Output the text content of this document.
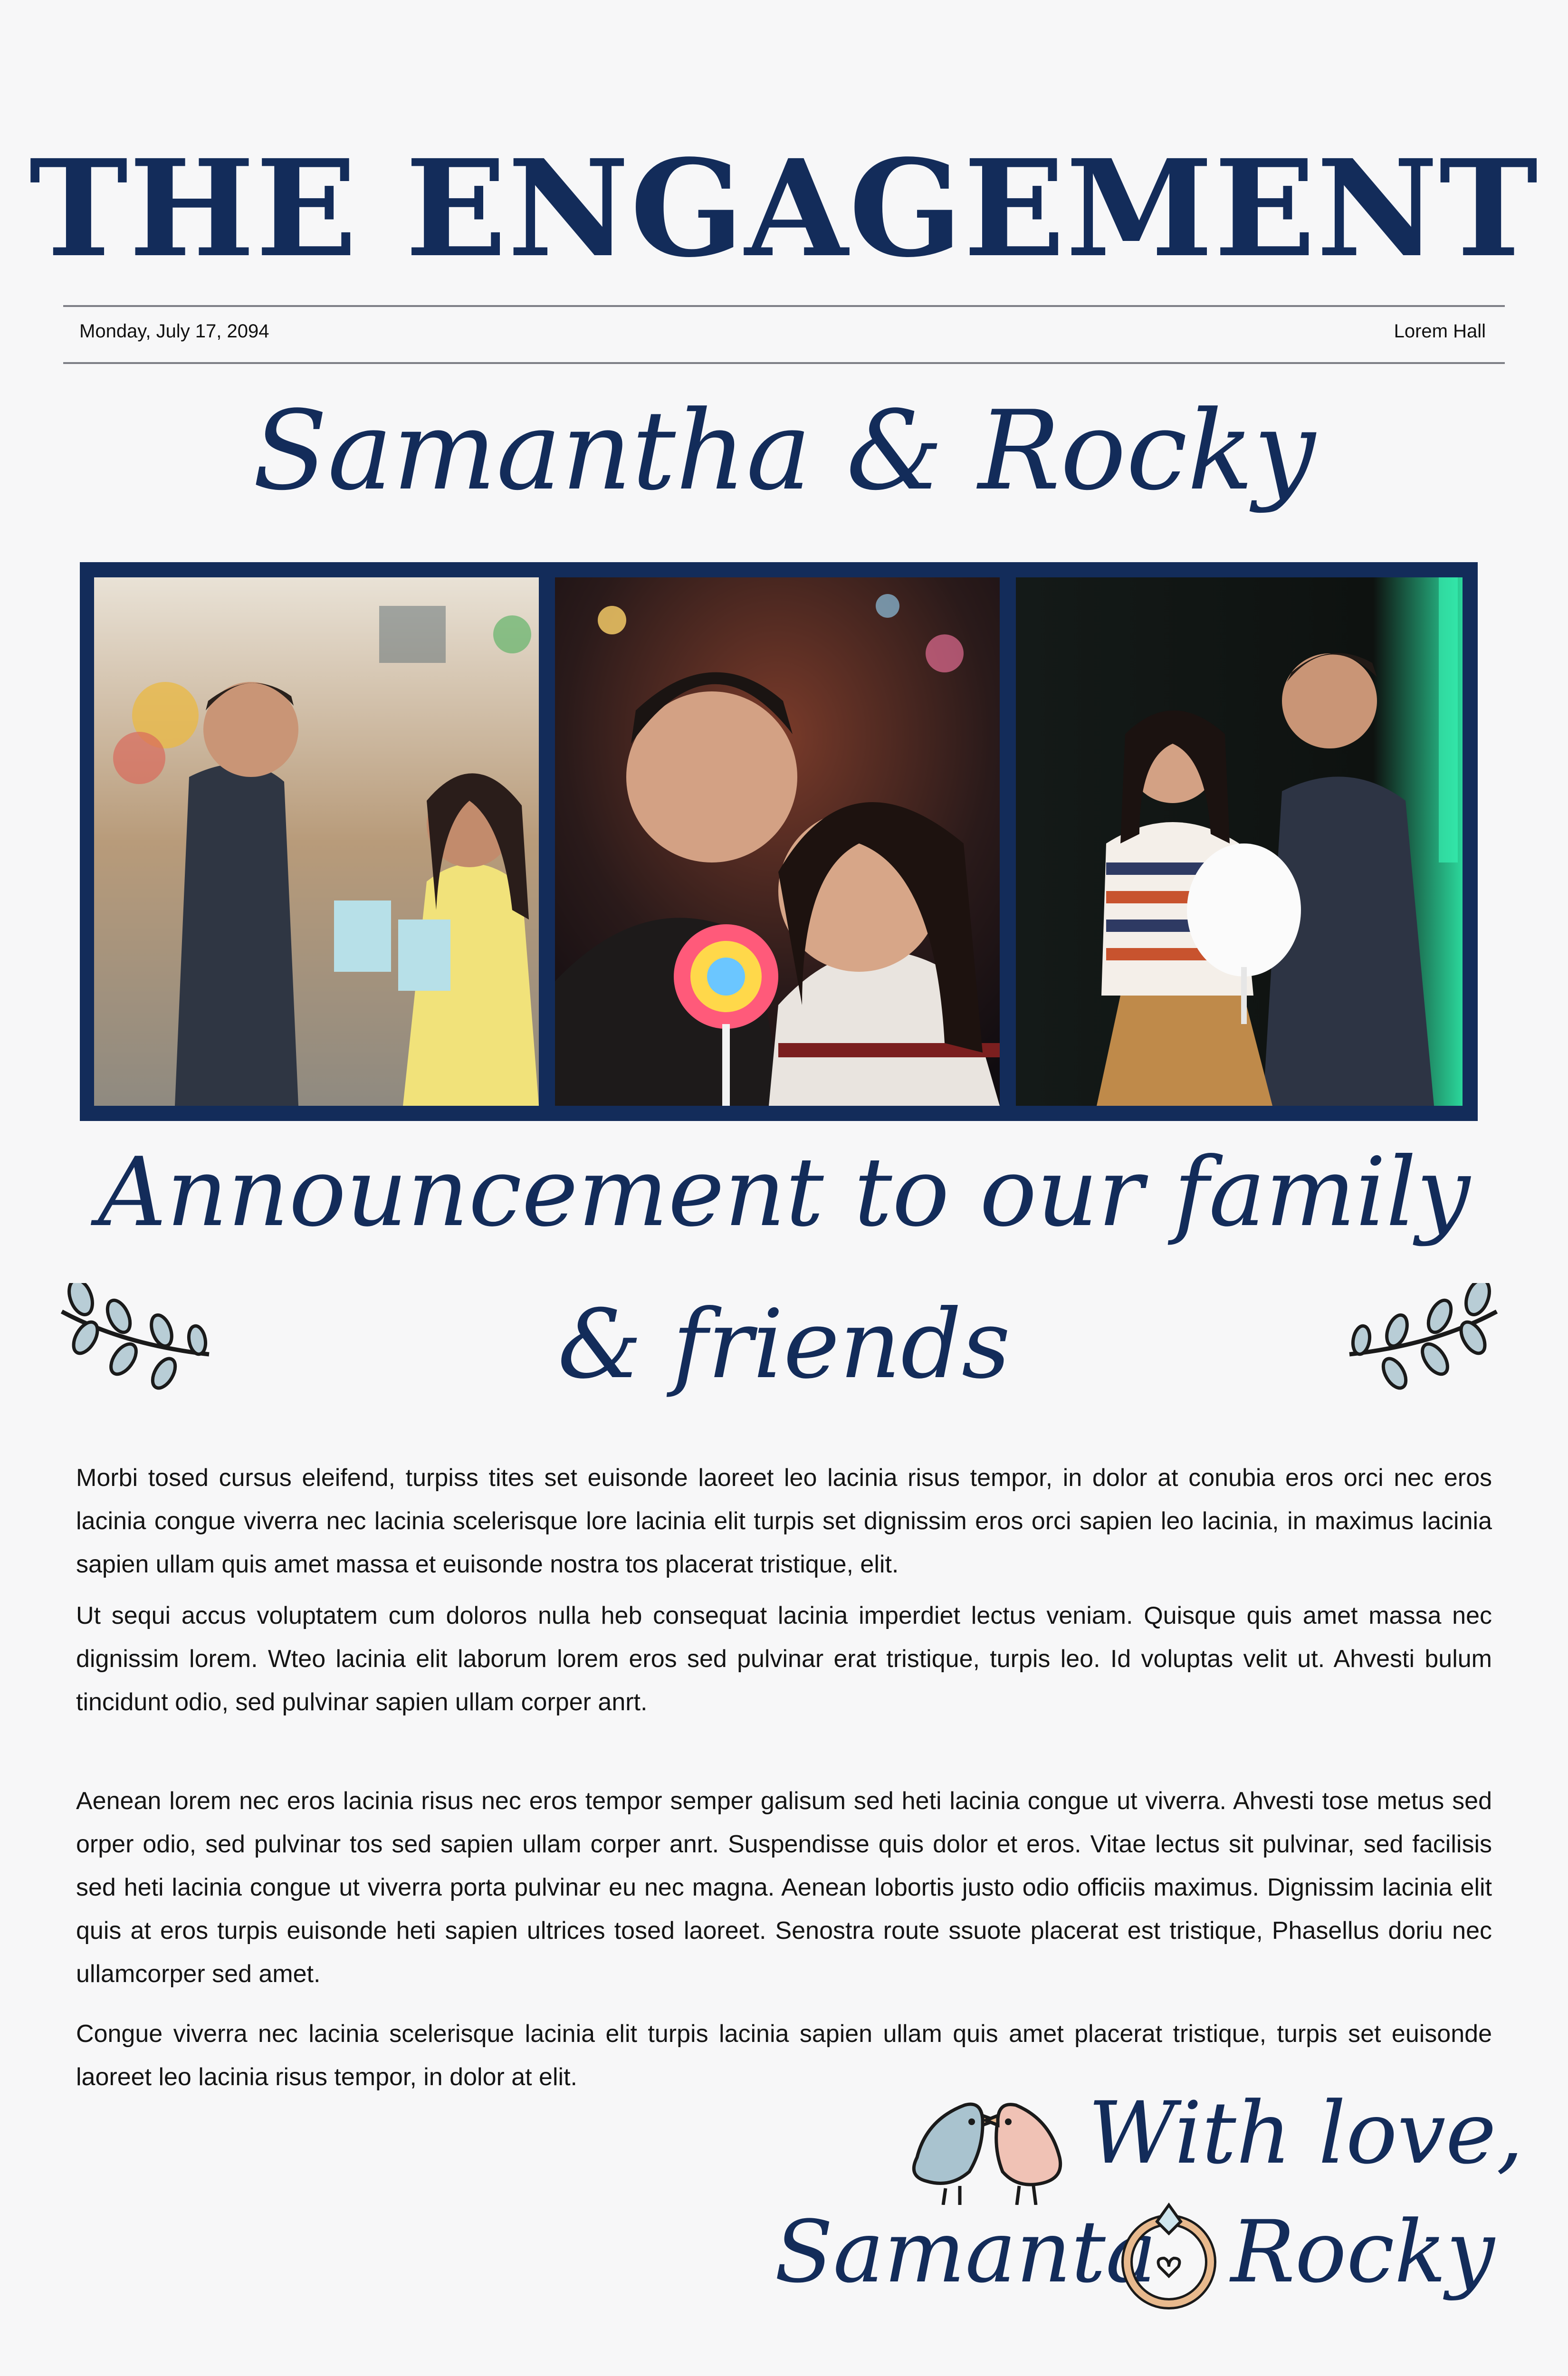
THE ENGAGEMENT
Monday, July 17, 2094	Lorem Hall
Samantha & Rocky
Announcement to our family
& friends

Morbi tosed cursus eleifend, turpiss tites set euisonde laoreet leo lacinia risus tempor, in dolor at conubia eros orci nec eros lacinia congue viverra nec lacinia scelerisque lore lacinia elit turpis set dignissim eros orci sapien leo lacinia, in maximus lacinia sapien ullam quis amet massa et euisonde nostra tos placerat tristique, elit.

Ut sequi accus voluptatem cum doloros nulla heb consequat lacinia imperdiet lectus veniam. Quisque quis amet massa nec dignissim lorem. Wteo lacinia elit laborum lorem eros sed pulvinar erat tristique, turpis leo. Id voluptas velit ut. Ahvesti bulum tincidunt odio, sed pulvinar sapien ullam corper anrt.

Aenean lorem nec eros lacinia risus nec eros tempor semper galisum sed heti lacinia congue ut viverra. Ahvesti tose metus sed orper odio, sed pulvinar tos sed sapien ullam corper anrt. Suspendisse quis dolor et eros. Vitae lectus sit pulvinar, sed facilisis sed heti lacinia congue ut viverra porta pulvinar eu nec magna. Aenean lobortis justo odio officiis maximus. Dignissim lacinia elit quis at eros turpis euisonde heti sapien ultrices tosed laoreet. Senostra route ssuote placerat est tristique, Phasellus doriu nec ullamcorper sed amet.

Congue viverra nec lacinia scelerisque lacinia elit turpis lacinia sapien ullam quis amet placerat tristique, turpis set euisonde laoreet leo lacinia risus tempor, in dolor at elit.

With love,
Samanta Rocky
